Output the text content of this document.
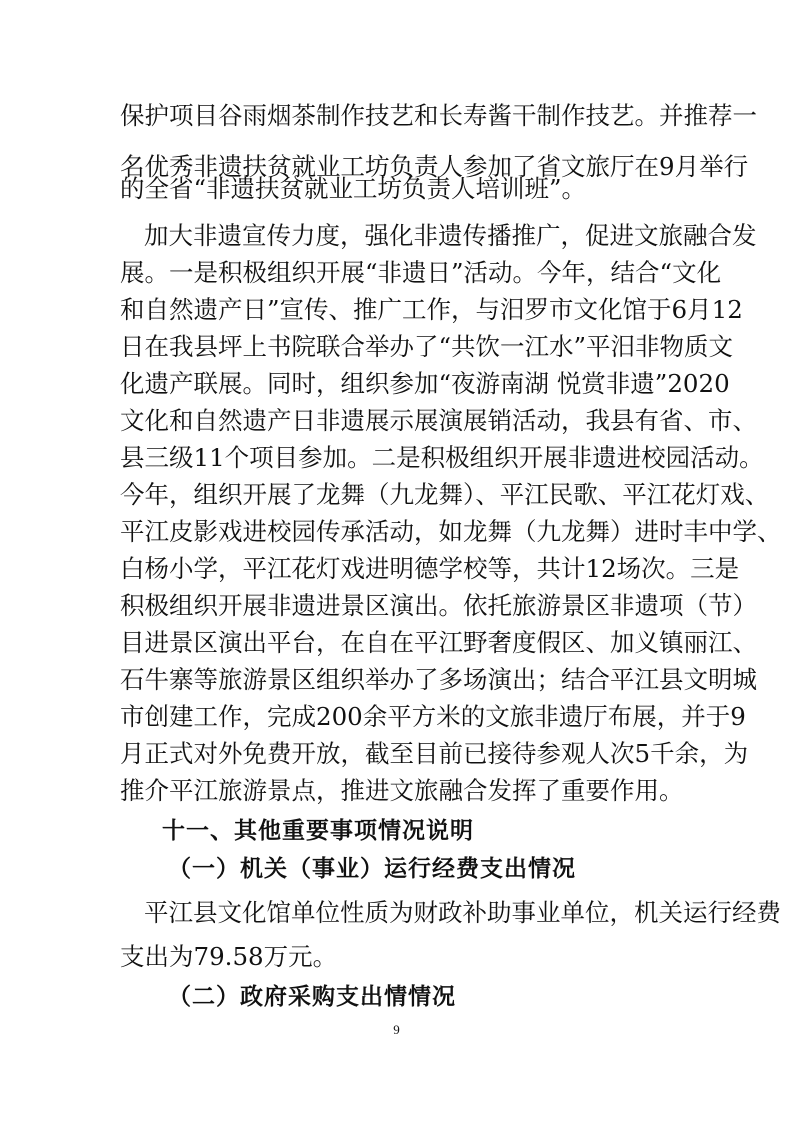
保护项目谷雨烟茶制作技艺和长寿酱干制作技艺。并推荐一
名优秀非遗扶贫就业工坊负责人参加了省文旅厅在9月举行
的全省“非遗扶贫就业工坊负责人培训班”。
加大非遗宣传力度，强化非遗传播推广，促进文旅融合发
展。一是积极组织开展“非遗日”活动。今年，结合“文化
和自然遗产日”宣传、推广工作，与汨罗市文化馆于6月12
日在我县坪上书院联合举办了“共饮一江水”平汨非物质文
化遗产联展。同时，组织参加“夜游南湖 悦赏非遗”2020
文化和自然遗产日非遗展示展演展销活动，我县有省、市、
县三级11个项目参加。二是积极组织开展非遗进校园活动。
今年，组织开展了龙舞（九龙舞）、平江民歌、平江花灯戏、
平江皮影戏进校园传承活动，如龙舞（九龙舞）进时丰中学、
白杨小学，平江花灯戏进明德学校等，共计12场次。三是
积极组织开展非遗进景区演出。依托旅游景区非遗项（节）
目进景区演出平台，在自在平江野奢度假区、加义镇丽江、
石牛寨等旅游景区组织举办了多场演出；结合平江县文明城
市创建工作，完成200余平方米的文旅非遗厅布展，并于9
月正式对外免费开放，截至目前已接待参观人次5千余，为
推介平江旅游景点，推进文旅融合发挥了重要作用。
十一、其他重要事项情况说明
（一）机关（事业）运行经费支出情况
平江县文化馆单位性质为财政补助事业单位，机关运行经费
支出为79.58万元。
（二）政府采购支出情情况
9
